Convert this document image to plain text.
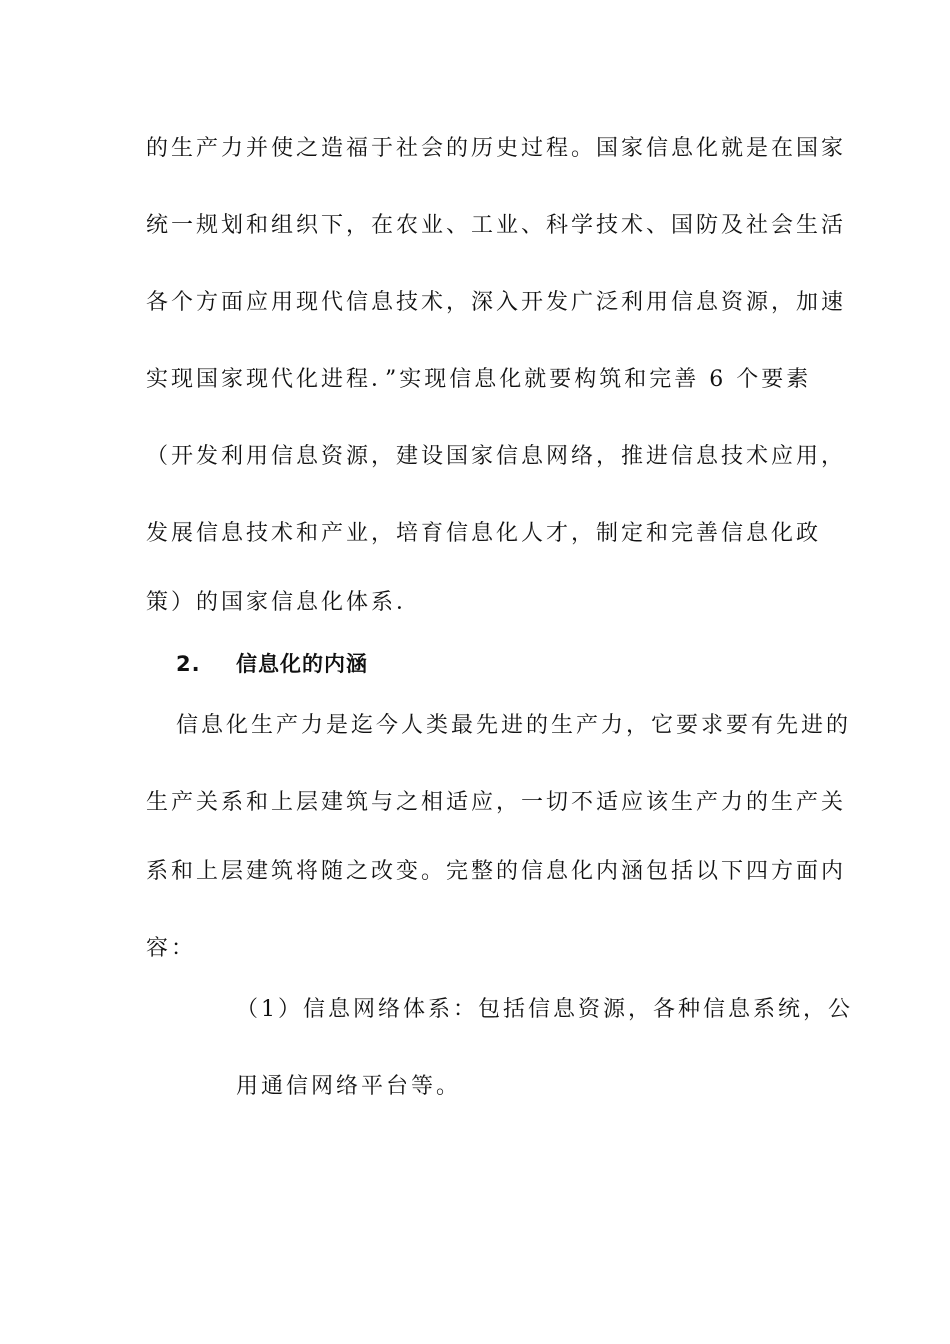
的生产力并使之造福于社会的历史过程。国家信息化就是在国家
统一规划和组织下，在农业、工业、科学技术、国防及社会生活
各个方面应用现代信息技术，深入开发广泛利用信息资源，加速
实现国家现代化进程．”实现信息化就要构筑和完善 6 个要素
（开发利用信息资源，建设国家信息网络，推进信息技术应用，
发展信息技术和产业，培育信息化人才，制定和完善信息化政
策）的国家信息化体系．
2. 信息化的内涵
信息化生产力是迄今人类最先进的生产力，它要求要有先进的
生产关系和上层建筑与之相适应，一切不适应该生产力的生产关
系和上层建筑将随之改变。完整的信息化内涵包括以下四方面内
容：
（1）信息网络体系：包括信息资源，各种信息系统，公
用通信网络平台等。
